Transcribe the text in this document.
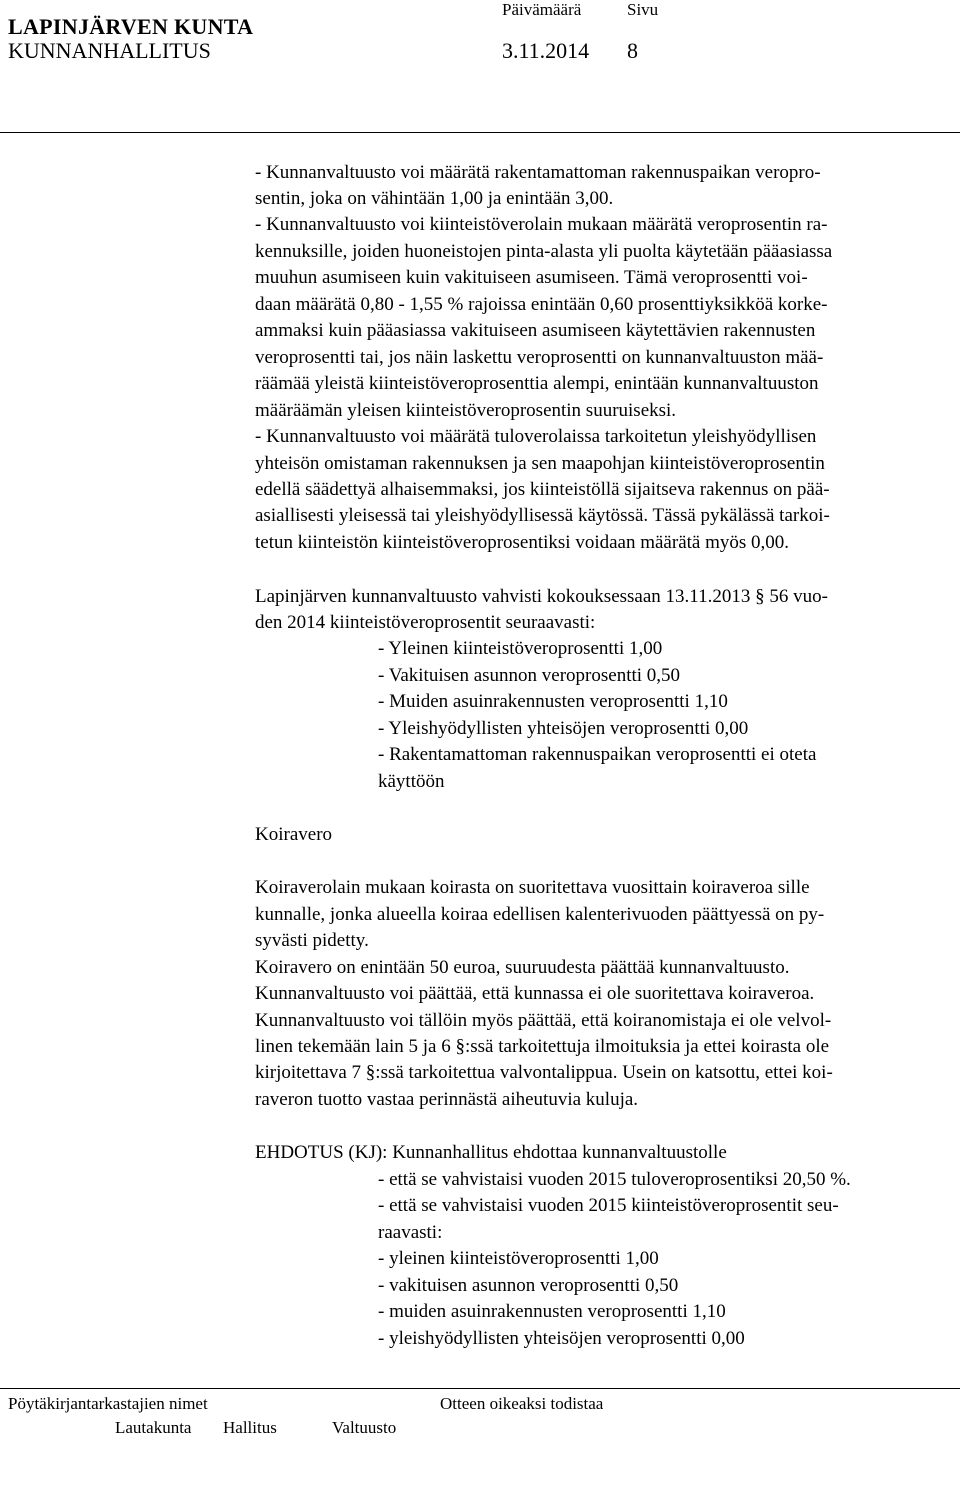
LAPINJÄRVEN KUNTA
KUNNANHALLITUS
Päivämäärä	Sivu
3.11.2014 8
- Kunnanvaltuusto voi määrätä rakentamattoman rakennuspaikan veropro-
sentin, joka on vähintään 1,00 ja enintään 3,00.
- Kunnanvaltuusto voi kiinteistöverolain mukaan määrätä veroprosentin ra-
kennuksille, joiden huoneistojen pinta-alasta yli puolta käytetään pääasiassa
muuhun asumiseen kuin vakituiseen asumiseen. Tämä veroprosentti voi-
daan määrätä 0,80 - 1,55 % rajoissa enintään 0,60 prosenttiyksikköä korke-
ammaksi kuin pääasiassa vakituiseen asumiseen käytettävien rakennusten
veroprosentti tai, jos näin laskettu veroprosentti on kunnanvaltuuston mää-
räämää yleistä kiinteistöveroprosenttia alempi, enintään kunnanvaltuuston
määräämän yleisen kiinteistöveroprosentin suuruiseksi.
- Kunnanvaltuusto voi määrätä tuloverolaissa tarkoitetun yleishyödyllisen
yhteisön omistaman rakennuksen ja sen maapohjan kiinteistöveroprosentin
edellä säädettyä alhaisemmaksi, jos kiinteistöllä sijaitseva rakennus on pää-
asiallisesti yleisessä tai yleishyödyllisessä käytössä. Tässä pykälässä tarkoi-
tetun kiinteistön kiinteistöveroprosentiksi voidaan määrätä myös 0,00.
Lapinjärven kunnanvaltuusto vahvisti kokouksessaan 13.11.2013 § 56 vuo-
den 2014 kiinteistöveroprosentit seuraavasti:
- Yleinen kiinteistöveroprosentti 1,00
- Vakituisen asunnon veroprosentti 0,50
- Muiden asuinrakennusten veroprosentti 1,10
- Yleishyödyllisten yhteisöjen veroprosentti 0,00
- Rakentamattoman rakennuspaikan veroprosentti ei oteta
käyttöön
Koiravero
Koiraverolain mukaan koirasta on suoritettava vuosittain koiraveroa sille
kunnalle, jonka alueella koiraa edellisen kalenterivuoden päättyessä on py-
syvästi pidetty.
Koiravero on enintään 50 euroa, suuruudesta päättää kunnanvaltuusto.
Kunnanvaltuusto voi päättää, että kunnassa ei ole suoritettava koiraveroa.
Kunnanvaltuusto voi tällöin myös päättää, että koiranomistaja ei ole velvol-
linen tekemään lain 5 ja 6 §:ssä tarkoitettuja ilmoituksia ja ettei koirasta ole
kirjoitettava 7 §:ssä tarkoitettua valvontalippua. Usein on katsottu, ettei koi-
raveron tuotto vastaa perinnästä aiheutuvia kuluja.
EHDOTUS (KJ): Kunnanhallitus ehdottaa kunnanvaltuustolle
- että se vahvistaisi vuoden 2015 tuloveroprosentiksi 20,50 %.
- että se vahvistaisi vuoden 2015 kiinteistöveroprosentit seu-
raavasti:
- yleinen kiinteistöveroprosentti 1,00
- vakituisen asunnon veroprosentti 0,50
- muiden asuinrakennusten veroprosentti 1,10
- yleishyödyllisten yhteisöjen veroprosentti 0,00
Pöytäkirjantarkastajien nimet	Otteen oikeaksi todistaa
Lautakunta Hallitus	Valtuusto
